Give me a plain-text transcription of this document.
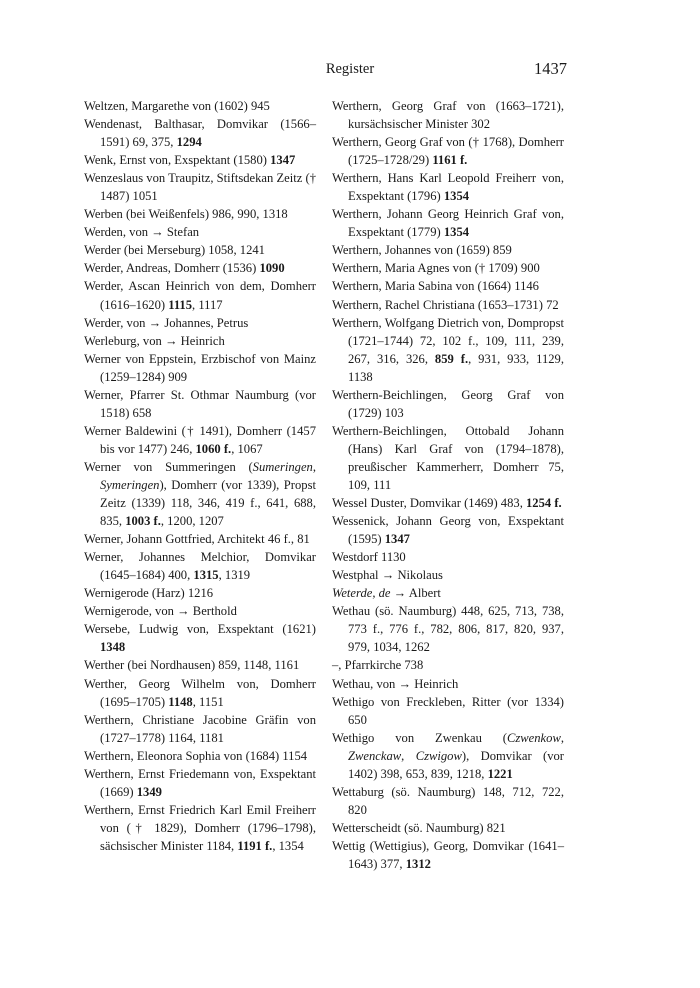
Register	1437

Weltzen, Margarethe von (1602) 945

Wendenast, Balthasar, Domvikar (1566–1591) 69, 375, 1294

Wenk, Ernst von, Exspektant (1580) 1347

Wenzeslaus von Traupitz, Stiftsdekan Zeitz († 1487) 1051

Werben (bei Weißenfels) 986, 990, 1318

Werden, von → Stefan

Werder (bei Merseburg) 1058, 1241

Werder, Andreas, Domherr (1536) 1090

Werder, Ascan Heinrich von dem, Domherr (1616–1620) 1115, 1117

Werder, von → Johannes, Petrus

Werleburg, von → Heinrich

Werner von Eppstein, Erzbischof von Mainz (1259–1284) 909

Werner, Pfarrer St. Othmar Naumburg (vor 1518) 658

Werner Baldewini († 1491), Domherr (1457 bis vor 1477) 246, 1060 f., 1067

Werner von Summeringen (Sumeringen, Symeringen), Domherr (vor 1339), Propst Zeitz (1339) 118, 346, 419 f., 641, 688, 835, 1003 f., 1200, 1207

Werner, Johann Gottfried, Architekt 46 f., 81

Werner, Johannes Melchior, Domvikar (1645–1684) 400, 1315, 1319

Wernigerode (Harz) 1216

Wernigerode, von → Berthold

Wersebe, Ludwig von, Exspektant (1621) 1348

Werther (bei Nordhausen) 859, 1148, 1161

Werther, Georg Wilhelm von, Domherr (1695–1705) 1148, 1151

Werthern, Christiane Jacobine Gräfin von (1727–1778) 1164, 1181

Werthern, Eleonora Sophia von (1684) 1154

Werthern, Ernst Friedemann von, Exspektant (1669) 1349

Werthern, Ernst Friedrich Karl Emil Freiherr von († 1829), Domherr (1796–1798), sächsischer Minister 1184, 1191 f., 1354

Werthern, Georg Graf von (1663–1721), kursächsischer Minister 302

Werthern, Georg Graf von († 1768), Domherr (1725–1728/29) 1161 f.

Werthern, Hans Karl Leopold Freiherr von, Exspektant (1796) 1354

Werthern, Johann Georg Heinrich Graf von, Exspektant (1779) 1354

Werthern, Johannes von (1659) 859

Werthern, Maria Agnes von († 1709) 900

Werthern, Maria Sabina von (1664) 1146

Werthern, Rachel Christiana (1653–1731) 72

Werthern, Wolfgang Dietrich von, Dompropst (1721–1744) 72, 102 f., 109, 111, 239, 267, 316, 326, 859 f., 931, 933, 1129, 1138

Werthern-Beichlingen, Georg Graf von (1729) 103

Werthern-Beichlingen, Ottobald Johann (Hans) Karl Graf von (1794–1878), preußischer Kammerherr, Domherr 75, 109, 111

Wessel Duster, Domvikar (1469) 483, 1254 f.

Wessenick, Johann Georg von, Exspektant (1595) 1347

Westdorf 1130

Westphal → Nikolaus

Weterde, de → Albert

Wethau (sö. Naumburg) 448, 625, 713, 738, 773 f., 776 f., 782, 806, 817, 820, 937, 979, 1034, 1262

–, Pfarrkirche 738

Wethau, von → Heinrich

Wethigo von Freckleben, Ritter (vor 1334) 650

Wethigo von Zwenkau (Czwenkow, Zwenckaw, Czwigow), Domvikar (vor 1402) 398, 653, 839, 1218, 1221

Wettaburg (sö. Naumburg) 148, 712, 722, 820

Wetterscheidt (sö. Naumburg) 821

Wettig (Wettigius), Georg, Domvikar (1641–1643) 377, 1312
